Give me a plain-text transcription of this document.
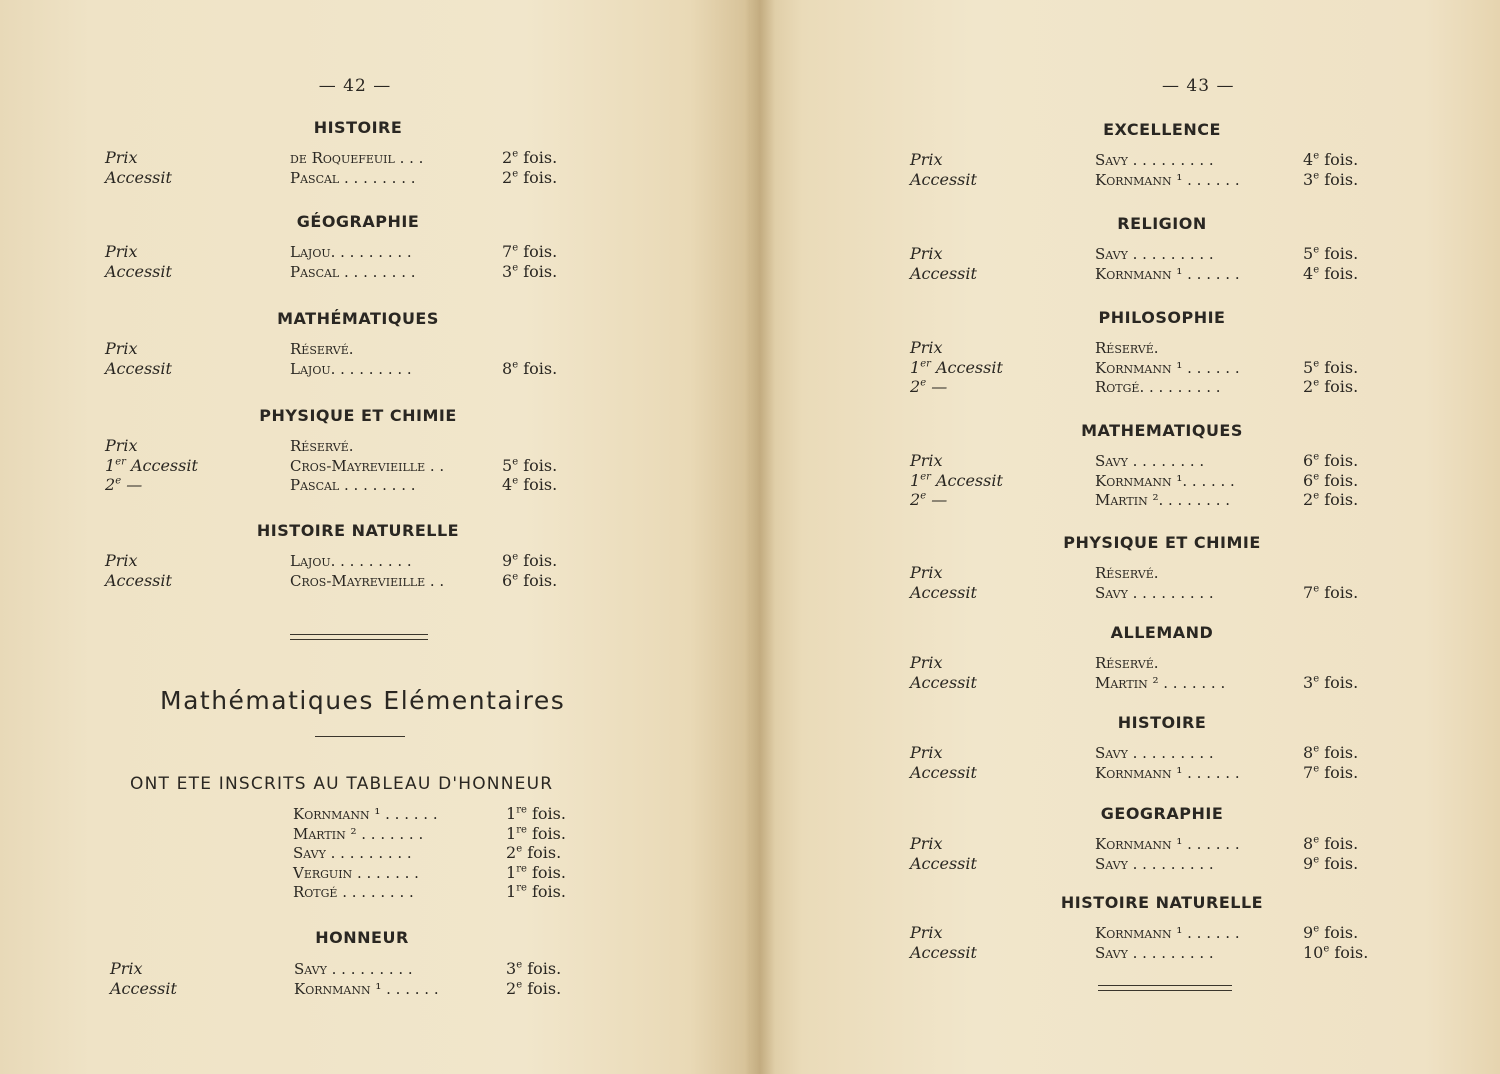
— 42 —
HISTOIRE
Prix	de Roquefeuil . . .	2e fois.
Accessit	Pascal . . . . . . . .	2e fois.
GÉOGRAPHIE
Prix	Lajou. . . . . . . . .	7e fois.
Accessit	Pascal . . . . . . . .	3e fois.
MATHÉMATIQUES
Prix	Réservé.
Accessit	Lajou. . . . . . . . .	8e fois.
PHYSIQUE ET CHIMIE
Prix	Réservé.
1er Accessit	Cros-Mayrevieille . .	5e fois.
2e —	Pascal . . . . . . . .	4e fois.
HISTOIRE NATURELLE
Prix	Lajou. . . . . . . . .	9e fois.
Accessit	Cros-Mayrevieille . .	6e fois.
Mathématiques Elémentaires
ONT ETE INSCRITS AU TABLEAU D'HONNEUR
Kornmann ¹ . . . . . .	1re fois.
Martin ² . . . . . . .	1re fois.
Savy . . . . . . . . .	2e fois.
Verguin . . . . . . .	1re fois.
Rotgé . . . . . . . .	1re fois.
HONNEUR
Prix	Savy . . . . . . . . .	3e fois.
Accessit	Kornmann ¹ . . . . . .	2e fois.
— 43 —
EXCELLENCE
Prix	Savy . . . . . . . . .	4e fois.
Accessit	Kornmann ¹ . . . . . .	3e fois.
RELIGION
Prix	Savy . . . . . . . . .	5e fois.
Accessit	Kornmann ¹ . . . . . .	4e fois.
PHILOSOPHIE
Prix	Réservé.
1er Accessit	Kornmann ¹ . . . . . .	5e fois.
2e —	Rotgé. . . . . . . . .	2e fois.
MATHEMATIQUES
Prix	Savy . . . . . . . .	6e fois.
1er Accessit	Kornmann ¹. . . . . .	6e fois.
2e —	Martin ². . . . . . . .	2e fois.
PHYSIQUE ET CHIMIE
Prix	Réservé.
Accessit	Savy . . . . . . . . .	7e fois.
ALLEMAND
Prix	Réservé.
Accessit	Martin ² . . . . . . .	3e fois.
HISTOIRE
Prix	Savy . . . . . . . . .	8e fois.
Accessit	Kornmann ¹ . . . . . .	7e fois.
GEOGRAPHIE
Prix	Kornmann ¹ . . . . . .	8e fois.
Accessit	Savy . . . . . . . . .	9e fois.
HISTOIRE NATURELLE
Prix	Kornmann ¹ . . . . . .	9e fois.
Accessit	Savy . . . . . . . . .	10e fois.
